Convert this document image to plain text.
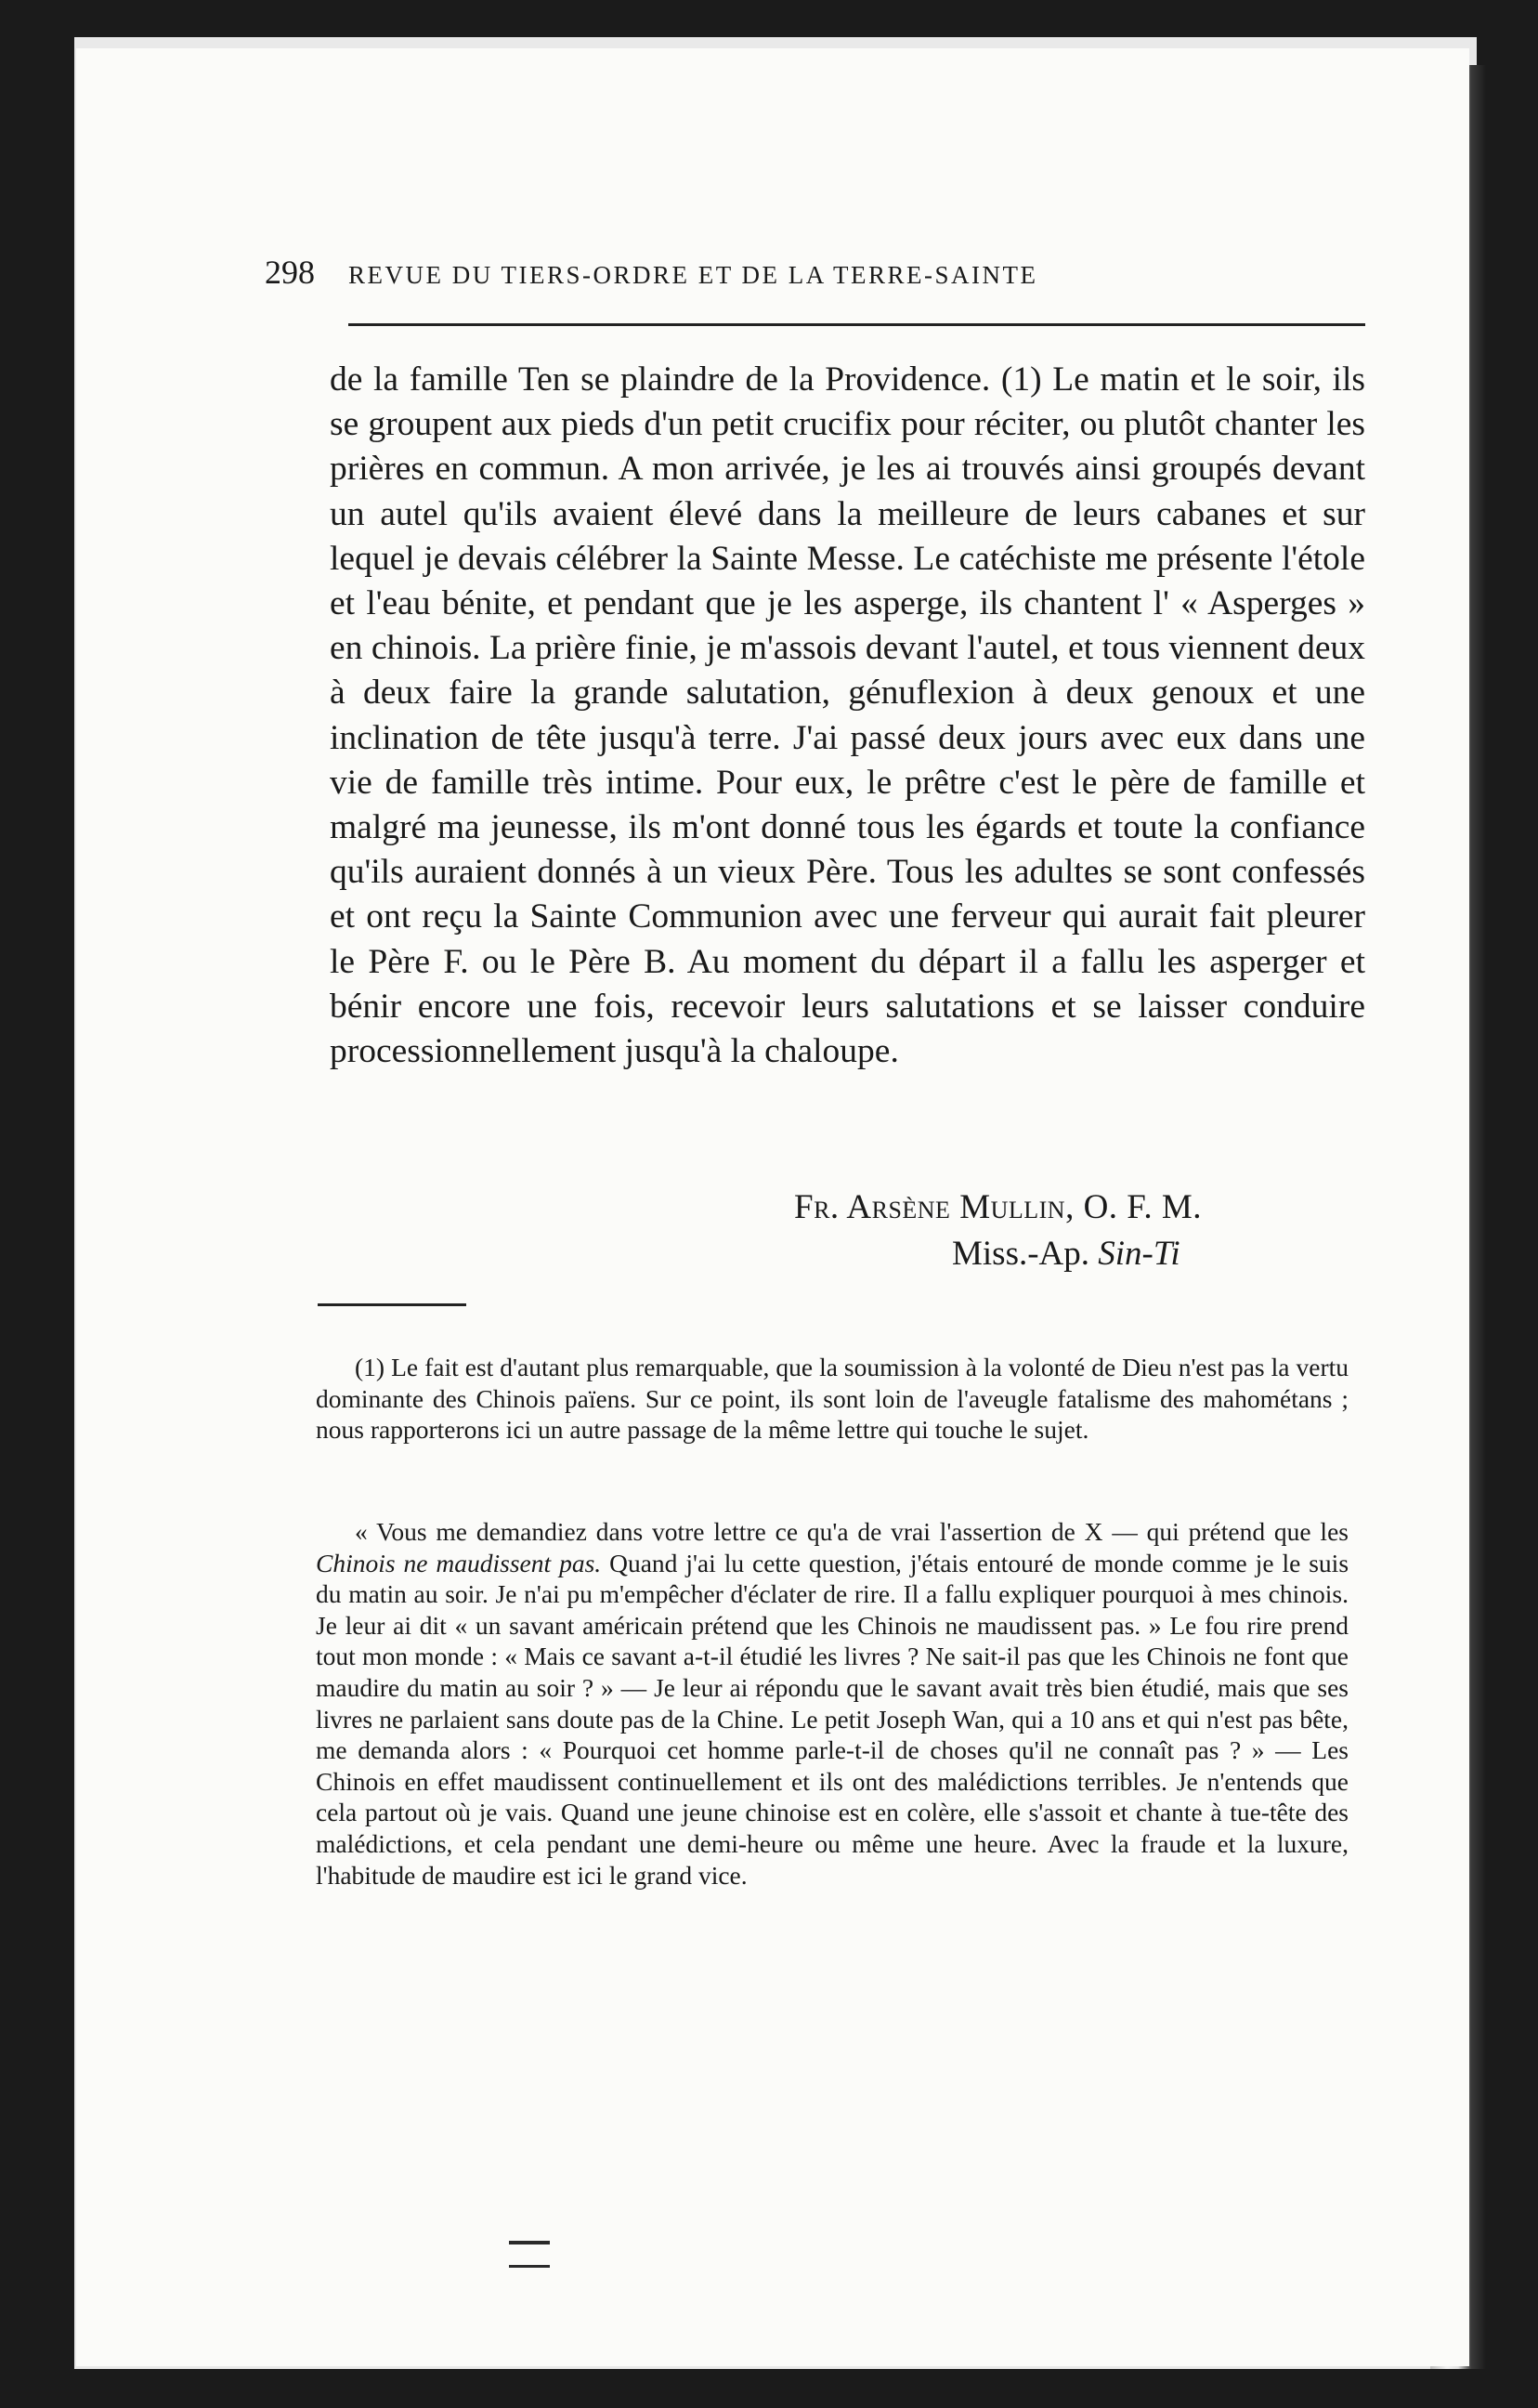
298	REVUE DU TIERS-ORDRE ET DE LA TERRE-SAINTE

de la famille Ten se plaindre de la Providence. (1) Le matin et le soir, ils se groupent aux pieds d'un petit crucifix pour réciter, ou plutôt chanter les prières en commun. A mon arrivée, je les ai trouvés ainsi groupés devant un autel qu'ils avaient élevé dans la meilleure de leurs cabanes et sur lequel je devais célébrer la Sainte Messe. Le catéchiste me présente l'étole et l'eau bénite, et pendant que je les asperge, ils chantent l' « Asperges » en chinois. La prière finie, je m'assois devant l'autel, et tous viennent deux à deux faire la grande salutation, génuflexion à deux genoux et une inclination de tête jusqu'à terre. J'ai passé deux jours avec eux dans une vie de famille très intime. Pour eux, le prêtre c'est le père de famille et malgré ma jeunesse, ils m'ont donné tous les égards et toute la confiance qu'ils auraient donnés à un vieux Père. Tous les adultes se sont confessés et ont reçu la Sainte Communion avec une ferveur qui aurait fait pleurer le Père F. ou le Père B. Au moment du départ il a fallu les asperger et bénir encore une fois, recevoir leurs salutations et se laisser conduire processionnellement jusqu'à la chaloupe.

Fr. Arsène Mullin, O. F. M.
Miss.-Ap. Sin-Ti

(1) Le fait est d'autant plus remarquable, que la soumission à la volonté de Dieu n'est pas la vertu dominante des Chinois païens. Sur ce point, ils sont loin de l'aveugle fatalisme des mahométans ; nous rapporterons ici un autre passage de la même lettre qui touche le sujet.

« Vous me demandiez dans votre lettre ce qu'a de vrai l'assertion de X — qui prétend que les Chinois ne maudissent pas. Quand j'ai lu cette question, j'étais entouré de monde comme je le suis du matin au soir. Je n'ai pu m'empêcher d'éclater de rire. Il a fallu expliquer pourquoi à mes chinois. Je leur ai dit « un savant américain prétend que les Chinois ne maudissent pas. » Le fou rire prend tout mon monde : « Mais ce savant a-t-il étudié les livres ? Ne sait-il pas que les Chinois ne font que maudire du matin au soir ? » — Je leur ai répondu que le savant avait très bien étudié, mais que ses livres ne parlaient sans doute pas de la Chine. Le petit Joseph Wan, qui a 10 ans et qui n'est pas bête, me demanda alors : « Pourquoi cet homme parle-t-il de choses qu'il ne connaît pas ? » — Les Chinois en effet maudissent continuellement et ils ont des malédictions terribles. Je n'entends que cela partout où je vais. Quand une jeune chinoise est en colère, elle s'assoit et chante à tue-tête des malédictions, et cela pendant une demi-heure ou même une heure. Avec la fraude et la luxure, l'habitude de maudire est ici le grand vice.
